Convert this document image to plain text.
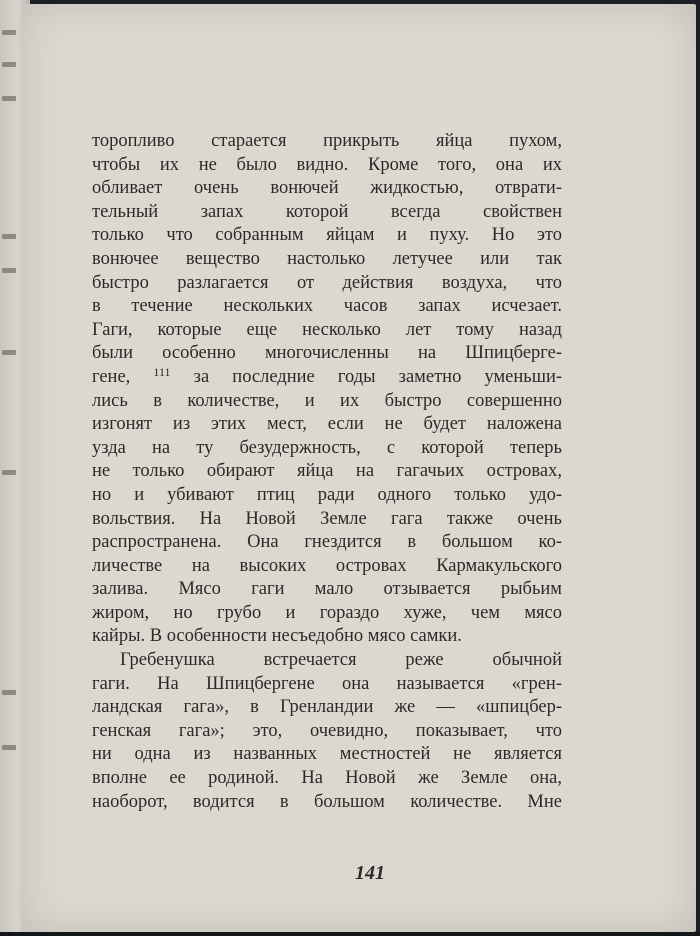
торопливо старается прикрыть яйца пухом,
чтобы их не было видно. Кроме того, она их
обливает очень вонючей жидкостью, отврати-
тельный запах которой всегда свойствен
только что собранным яйцам и пуху. Но это
вонючее вещество настолько летучее или так
быстро разлагается от действия воздуха, что
в течение нескольких часов запах исчезает.
Гаги, которые еще несколько лет тому назад
были особенно многочисленны на Шпицберге-
гене, $^{111}$ за последние годы заметно уменьши-
лись в количестве, и их быстро совершенно
изгонят из этих мест, если не будет наложена
узда на ту безудержность, с которой теперь
не только обирают яйца на гагачьих островах,
но и убивают птиц ради одного только удо-
вольствия. На Новой Земле гага также очень
распространена. Она гнездится в большом ко-
личестве на высоких островах Кармакульского
залива. Мясо гаги мало отзывается рыбьим
жиром, но грубо и гораздо хуже, чем мясо
кайры. В особенности несъедобно мясо самки.
Гребенушка встречается реже обычной
гаги. На Шпицбергене она называется «грен-
ландская гага», в Гренландии же — «шпицбер-
генская гага»; это, очевидно, показывает, что
ни одна из названных местностей не является
вполне ее родиной. На Новой же Земле она,
наоборот, водится в большом количестве. Мне
141
